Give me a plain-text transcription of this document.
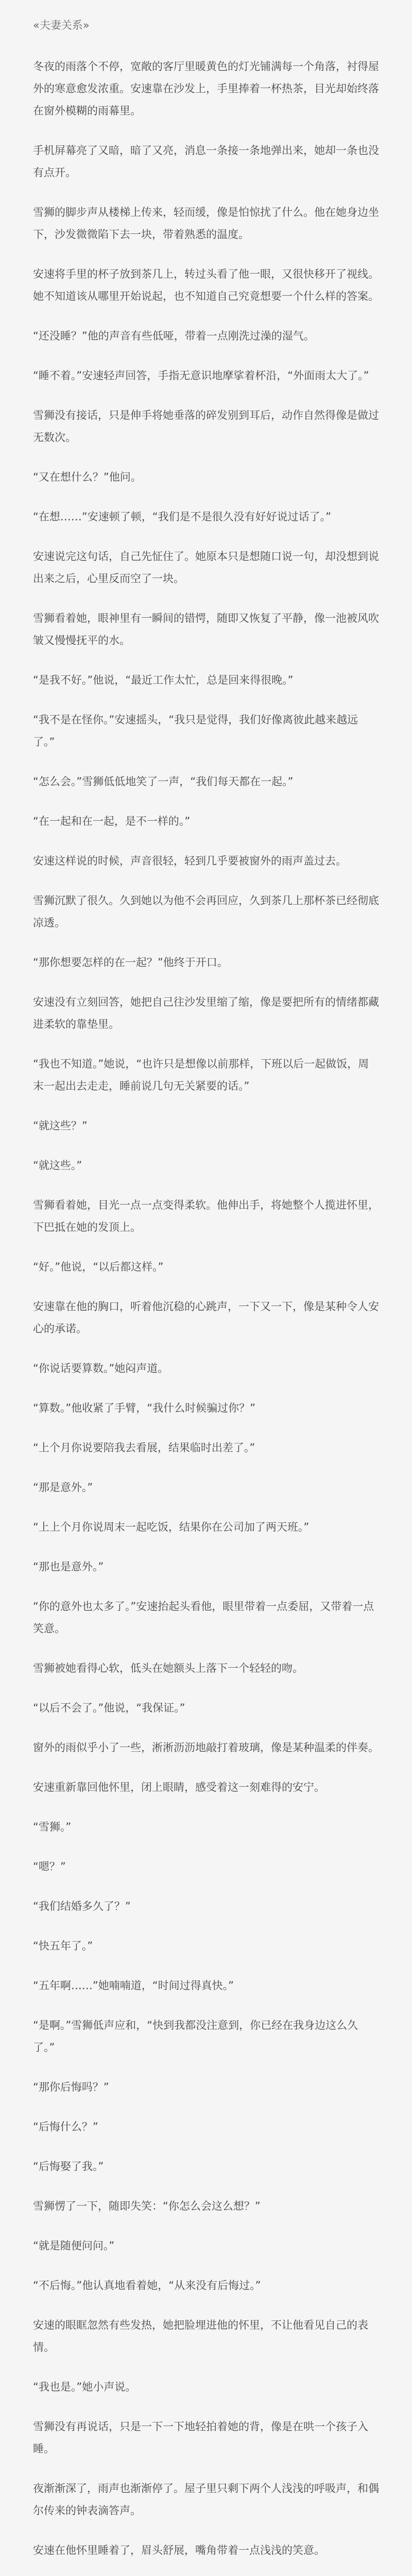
«夫妻关系»

冬夜的雨落个不停，宽敞的客厅里暖黄色的灯光铺满每一个角落，衬得屋外的寒意愈发浓重。安速靠在沙发上，手里捧着一杯热茶，目光却始终落在窗外模糊的雨幕里。

手机屏幕亮了又暗，暗了又亮，消息一条接一条地弹出来，她却一条也没有点开。

雪狮的脚步声从楼梯上传来，轻而缓，像是怕惊扰了什么。他在她身边坐下，沙发微微陷下去一块，带着熟悉的温度。

安速将手里的杯子放到茶几上，转过头看了他一眼，又很快移开了视线。她不知道该从哪里开始说起，也不知道自己究竟想要一个什么样的答案。

“还没睡？”他的声音有些低哑，带着一点刚洗过澡的湿气。

“睡不着。”安速轻声回答，手指无意识地摩挲着杯沿，“外面雨太大了。”

雪狮没有接话，只是伸手将她垂落的碎发别到耳后，动作自然得像是做过无数次。

“又在想什么？”他问。

“在想……”安速顿了顿，“我们是不是很久没有好好说过话了。”

安速说完这句话，自己先怔住了。她原本只是想随口说一句，却没想到说出来之后，心里反而空了一块。

雪狮看着她，眼神里有一瞬间的错愕，随即又恢复了平静，像一池被风吹皱又慢慢抚平的水。

“是我不好。”他说，“最近工作太忙，总是回来得很晚。”

“我不是在怪你。”安速摇头，“我只是觉得，我们好像离彼此越来越远了。”

“怎么会。”雪狮低低地笑了一声，“我们每天都在一起。”

“在一起和在一起，是不一样的。”

安速这样说的时候，声音很轻，轻到几乎要被窗外的雨声盖过去。

雪狮沉默了很久。久到她以为他不会再回应，久到茶几上那杯茶已经彻底凉透。

“那你想要怎样的在一起？”他终于开口。

安速没有立刻回答，她把自己往沙发里缩了缩，像是要把所有的情绪都藏进柔软的靠垫里。

“我也不知道。”她说，“也许只是想像以前那样，下班以后一起做饭，周末一起出去走走，睡前说几句无关紧要的话。”

“就这些？”

“就这些。”

雪狮看着她，目光一点一点变得柔软。他伸出手，将她整个人揽进怀里，下巴抵在她的发顶上。

“好。”他说，“以后都这样。”

安速靠在他的胸口，听着他沉稳的心跳声，一下又一下，像是某种令人安心的承诺。

“你说话要算数。”她闷声道。

“算数。”他收紧了手臂，“我什么时候骗过你？”

“上个月你说要陪我去看展，结果临时出差了。”

“那是意外。”

“上上个月你说周末一起吃饭，结果你在公司加了两天班。”

“那也是意外。”

“你的意外也太多了。”安速抬起头看他，眼里带着一点委屈，又带着一点笑意。

雪狮被她看得心软，低头在她额头上落下一个轻轻的吻。

“以后不会了。”他说，“我保证。”

窗外的雨似乎小了一些，淅淅沥沥地敲打着玻璃，像是某种温柔的伴奏。

安速重新靠回他怀里，闭上眼睛，感受着这一刻难得的安宁。

“雪狮。”

“嗯？”

“我们结婚多久了？”

“快五年了。”

“五年啊……”她喃喃道，“时间过得真快。”

“是啊。”雪狮低声应和，“快到我都没注意到，你已经在我身边这么久了。”

“那你后悔吗？”

“后悔什么？”

“后悔娶了我。”

雪狮愣了一下，随即失笑：“你怎么会这么想？”

“就是随便问问。”

“不后悔。”他认真地看着她，“从来没有后悔过。”

安速的眼眶忽然有些发热，她把脸埋进他的怀里，不让他看见自己的表情。

“我也是。”她小声说。

雪狮没有再说话，只是一下一下地轻拍着她的背，像是在哄一个孩子入睡。

夜渐渐深了，雨声也渐渐停了。屋子里只剩下两个人浅浅的呼吸声，和偶尔传来的钟表滴答声。

安速在他怀里睡着了，眉头舒展，嘴角带着一点浅浅的笑意。
